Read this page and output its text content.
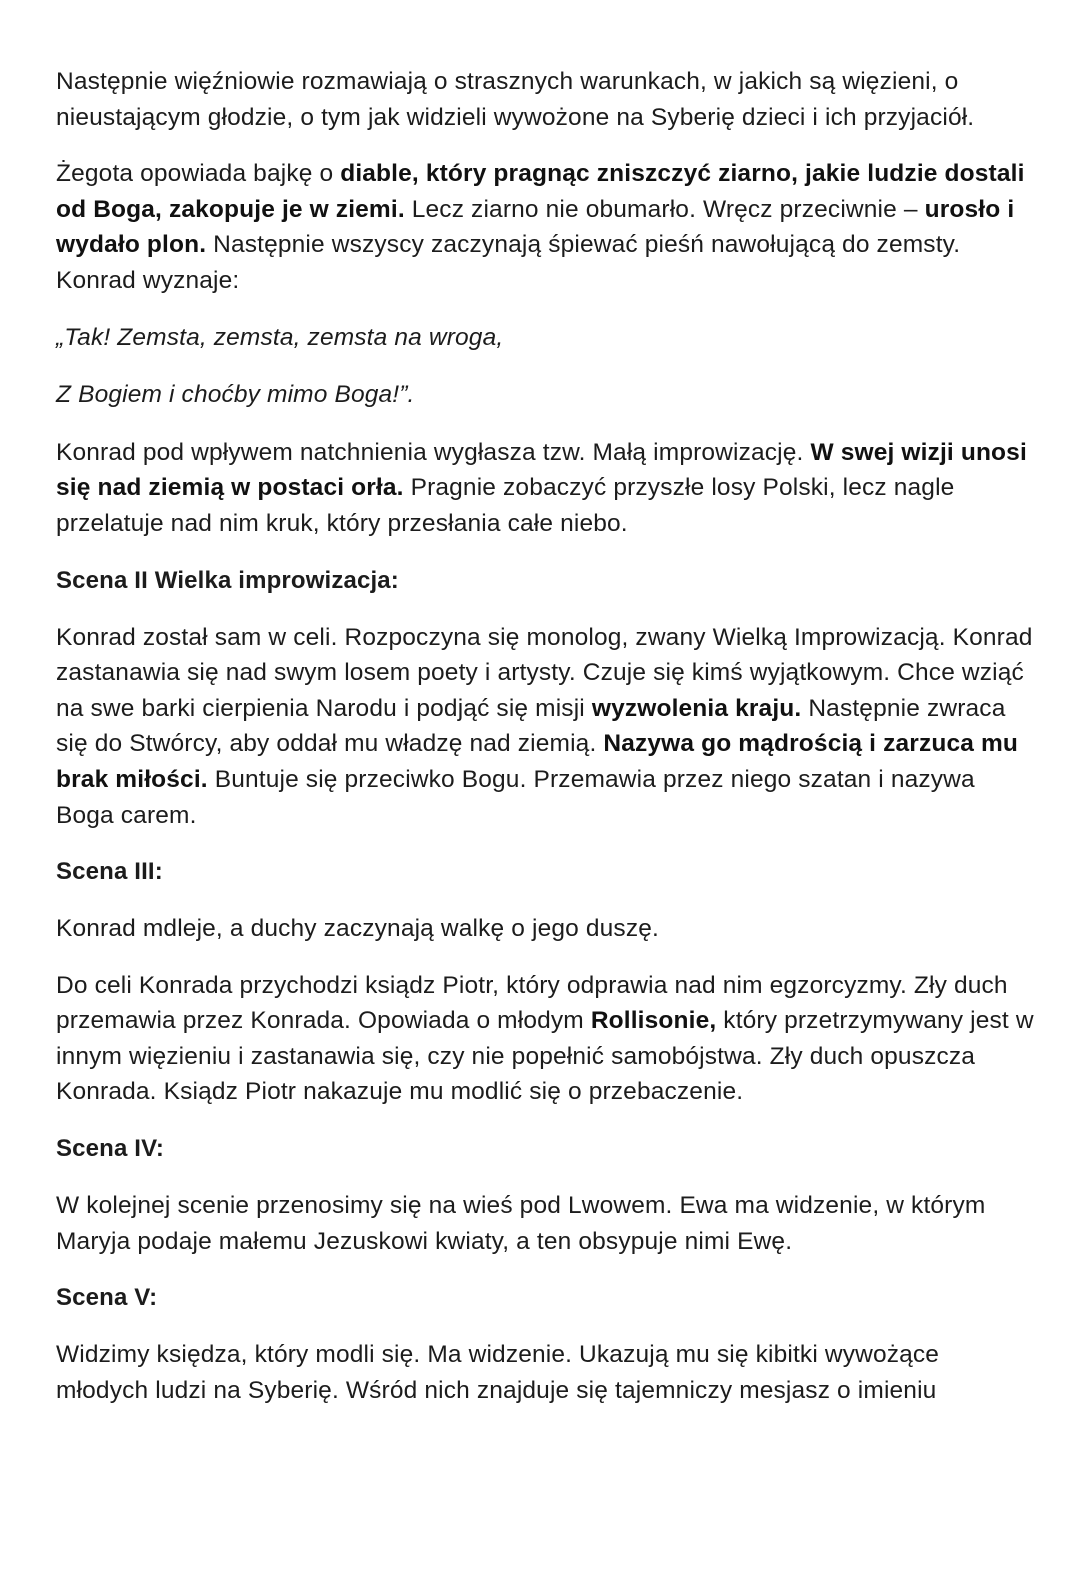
Następnie więźniowie rozmawiają o strasznych warunkach, w jakich są więzieni, o nieustającym głodzie, o tym jak widzieli wywożone na Syberię dzieci i ich przyjaciół.

Żegota opowiada bajkę o diable, który pragnąc zniszczyć ziarno, jakie ludzie dostali od Boga, zakopuje je w ziemi. Lecz ziarno nie obumarło. Wręcz przeciwnie – urosło i wydało plon. Następnie wszyscy zaczynają śpiewać pieśń nawołującą do zemsty. Konrad wyznaje:

„Tak! Zemsta, zemsta, zemsta na wroga,

Z Bogiem i choćby mimo Boga!”.

Konrad pod wpływem natchnienia wygłasza tzw. Małą improwizację. W swej wizji unosi się nad ziemią w postaci orła. Pragnie zobaczyć przyszłe losy Polski, lecz nagle przelatuje nad nim kruk, który przesłania całe niebo.

Scena II Wielka improwizacja:

Konrad został sam w celi. Rozpoczyna się monolog, zwany Wielką Improwizacją. Konrad zastanawia się nad swym losem poety i artysty. Czuje się kimś wyjątkowym. Chce wziąć na swe barki cierpienia Narodu i podjąć się misji wyzwolenia kraju. Następnie zwraca się do Stwórcy, aby oddał mu władzę nad ziemią. Nazywa go mądrością i zarzuca mu brak miłości. Buntuje się przeciwko Bogu. Przemawia przez niego szatan i nazywa Boga carem.

Scena III:

Konrad mdleje, a duchy zaczynają walkę o jego duszę.

Do celi Konrada przychodzi ksiądz Piotr, który odprawia nad nim egzorcyzmy. Zły duch przemawia przez Konrada. Opowiada o młodym Rollisonie, który przetrzymywany jest w innym więzieniu i zastanawia się, czy nie popełnić samobójstwa. Zły duch opuszcza Konrada. Ksiądz Piotr nakazuje mu modlić się o przebaczenie.

Scena IV:

W kolejnej scenie przenosimy się na wieś pod Lwowem. Ewa ma widzenie, w którym Maryja podaje małemu Jezuskowi kwiaty, a ten obsypuje nimi Ewę.

Scena V:

Widzimy księdza, który modli się. Ma widzenie. Ukazują mu się kibitki wywożące młodych ludzi na Syberię. Wśród nich znajduje się tajemniczy mesjasz o imieniu
